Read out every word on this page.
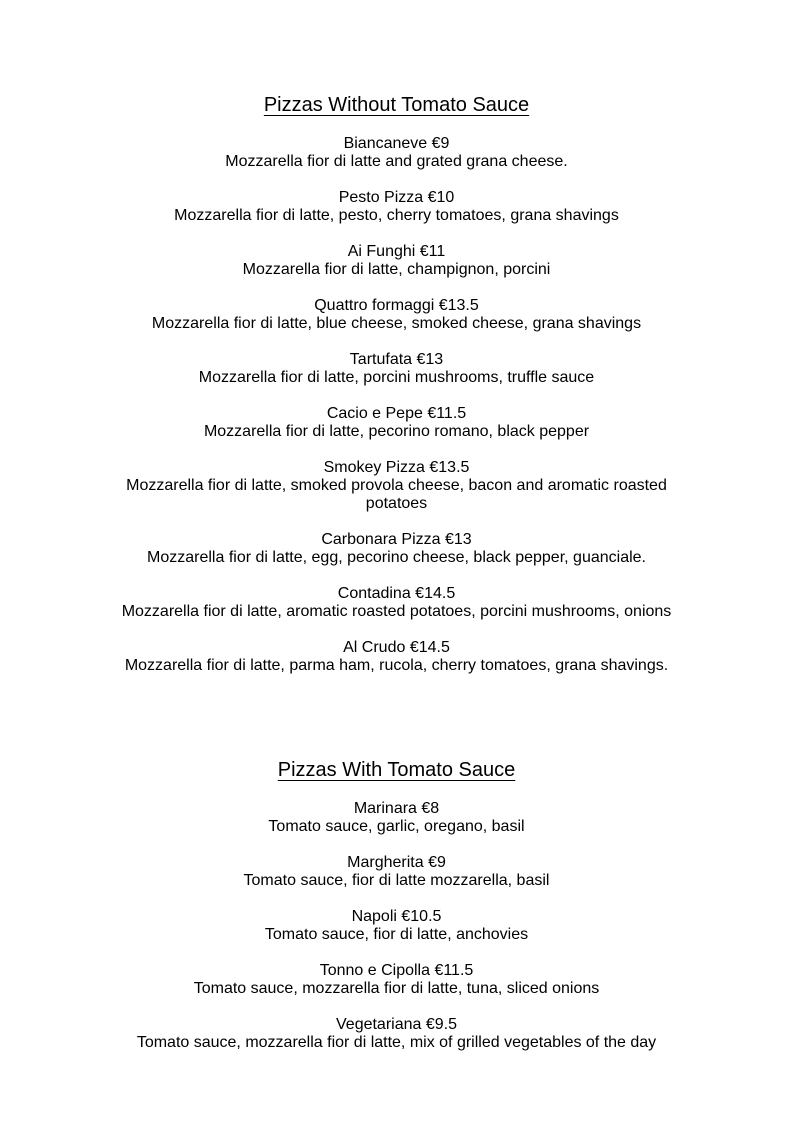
Pizzas Without Tomato Sauce
Biancaneve €9
Mozzarella fior di latte and grated grana cheese.
Pesto Pizza €10
Mozzarella fior di latte, pesto, cherry tomatoes, grana shavings
Ai Funghi €11
Mozzarella fior di latte, champignon, porcini
Quattro formaggi €13.5
Mozzarella fior di latte, blue cheese, smoked cheese, grana shavings
Tartufata €13
Mozzarella fior di latte, porcini mushrooms, truffle sauce
Cacio e Pepe €11.5
Mozzarella fior di latte, pecorino romano, black pepper
Smokey Pizza €13.5
Mozzarella fior di latte, smoked provola cheese, bacon and aromatic roasted potatoes
Carbonara Pizza €13
Mozzarella fior di latte, egg, pecorino cheese, black pepper, guanciale.
Contadina €14.5
Mozzarella fior di latte, aromatic roasted potatoes, porcini mushrooms, onions
Al Crudo €14.5
Mozzarella fior di latte, parma ham, rucola, cherry tomatoes, grana shavings.
Pizzas With Tomato Sauce
Marinara €8
Tomato sauce, garlic, oregano, basil
Margherita €9
Tomato sauce, fior di latte mozzarella, basil
Napoli €10.5
Tomato sauce, fior di latte, anchovies
Tonno e Cipolla €11.5
Tomato sauce, mozzarella fior di latte, tuna, sliced onions
Vegetariana €9.5
Tomato sauce, mozzarella fior di latte, mix of grilled vegetables of the day
